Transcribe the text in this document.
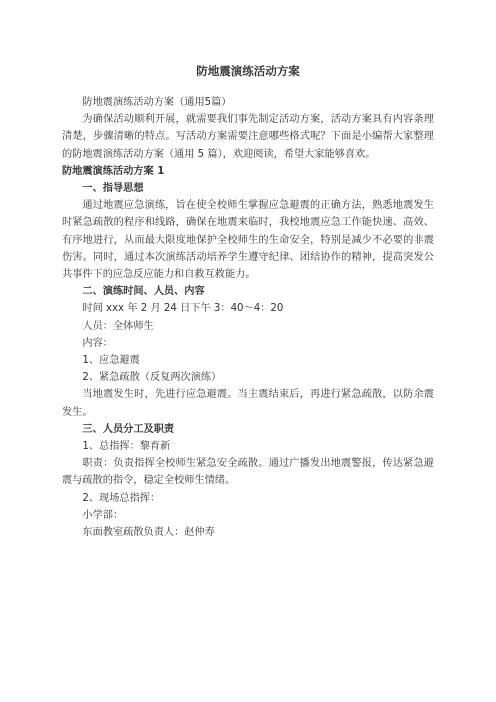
防地震演练活动方案

防地震演练活动方案（通用5篇）

为确保活动顺利开展，就需要我们事先制定活动方案，活动方案具有内容条理清楚，步骤清晰的特点。写活动方案需要注意哪些格式呢？下面是小编帮大家整理的防地震演练活动方案（通用 5 篇），欢迎阅读，希望大家能够喜欢。

防地震演练活动方案 1

一、指导思想

通过地震应急演练，旨在使全校师生掌握应急避震的正确方法，熟悉地震发生时紧急疏散的程序和线路，确保在地震来临时，我校地震应急工作能快速、高效、有序地进行，从而最大限度地保护全校师生的生命安全，特别是减少不必要的非震伤害。同时，通过本次演练活动培养学生遵守纪律、团结协作的精神，提高突发公共事件下的应急反应能力和自救互救能力。

二、演练时间、人员、内容

时间 xxx 年 2 月 24 日下午 3：40～4：20

人员：全体师生

内容：

1、应急避震

2、紧急疏散（反复两次演练）

当地震发生时，先进行应急避震。当主震结束后，再进行紧急疏散，以防余震发生。

三、人员分工及职责

1、总指挥：黎育新

职责：负责指挥全校师生紧急安全疏散。通过广播发出地震警报，传达紧急避震与疏散的指令，稳定全校师生情绪。

2、现场总指挥：

小学部：

东面教室疏散负责人：赵仲寿
